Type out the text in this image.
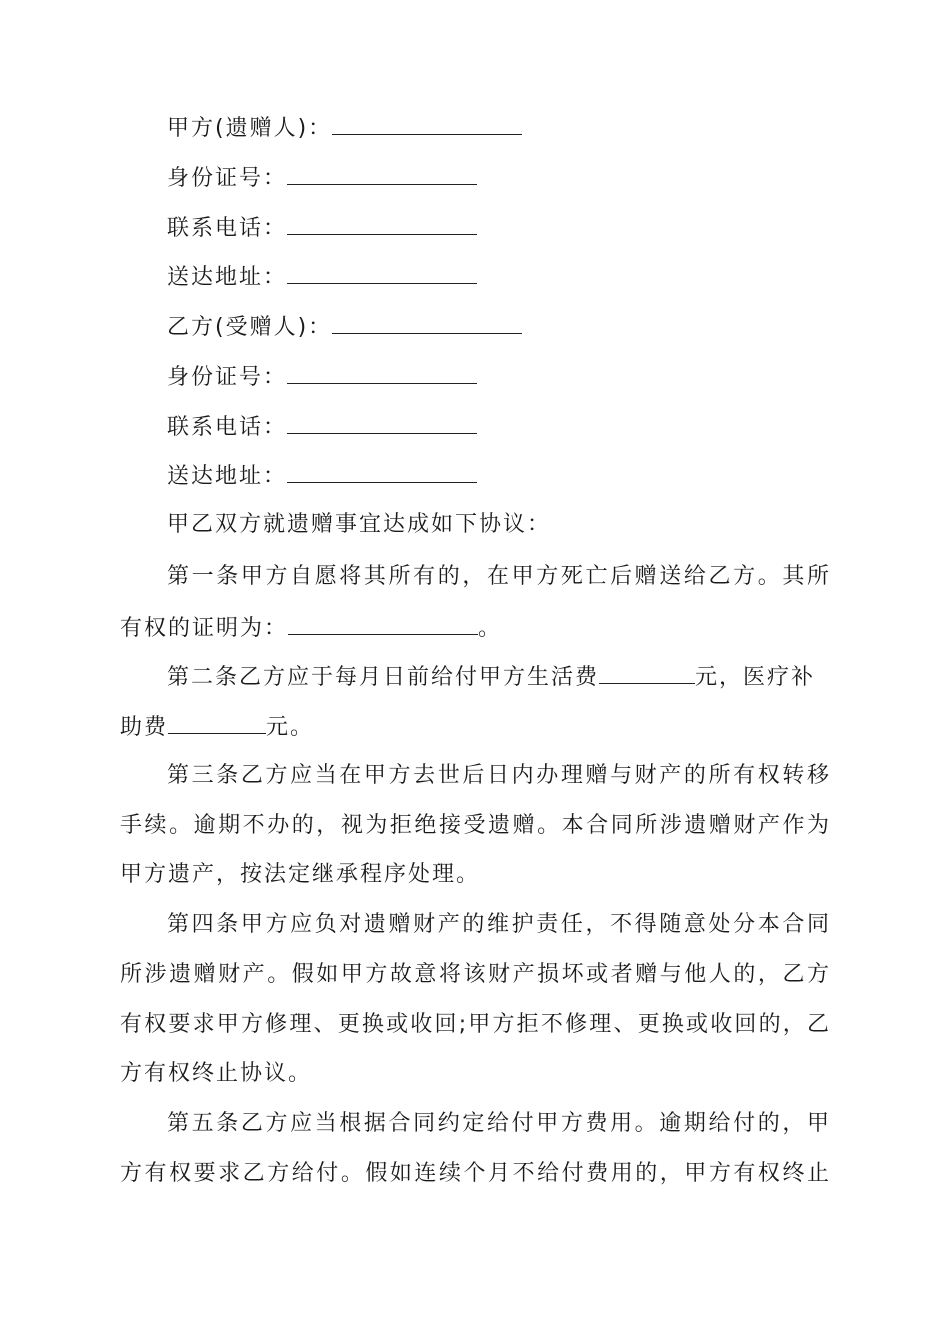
甲方(遗赠人)：
身份证号：
联系电话：
送达地址：
乙方(受赠人)：
身份证号：
联系电话：
送达地址：
甲乙双方就遗赠事宜达成如下协议：
第一条甲方自愿将其所有的，在甲方死亡后赠送给乙方。其所
有权的证明为：	。
第二条乙方应于每月日前给付甲方生活费	元，医疗补
助费	元。
第三条乙方应当在甲方去世后日内办理赠与财产的所有权转移
手续。逾期不办的，视为拒绝接受遗赠。本合同所涉遗赠财产作为
甲方遗产，按法定继承程序处理。
第四条甲方应负对遗赠财产的维护责任，不得随意处分本合同
所涉遗赠财产。假如甲方故意将该财产损坏或者赠与他人的，乙方
有权要求甲方修理、更换或收回;甲方拒不修理、更换或收回的，乙
方有权终止协议。
第五条乙方应当根据合同约定给付甲方费用。逾期给付的，甲
方有权要求乙方给付。假如连续个月不给付费用的，甲方有权终止
